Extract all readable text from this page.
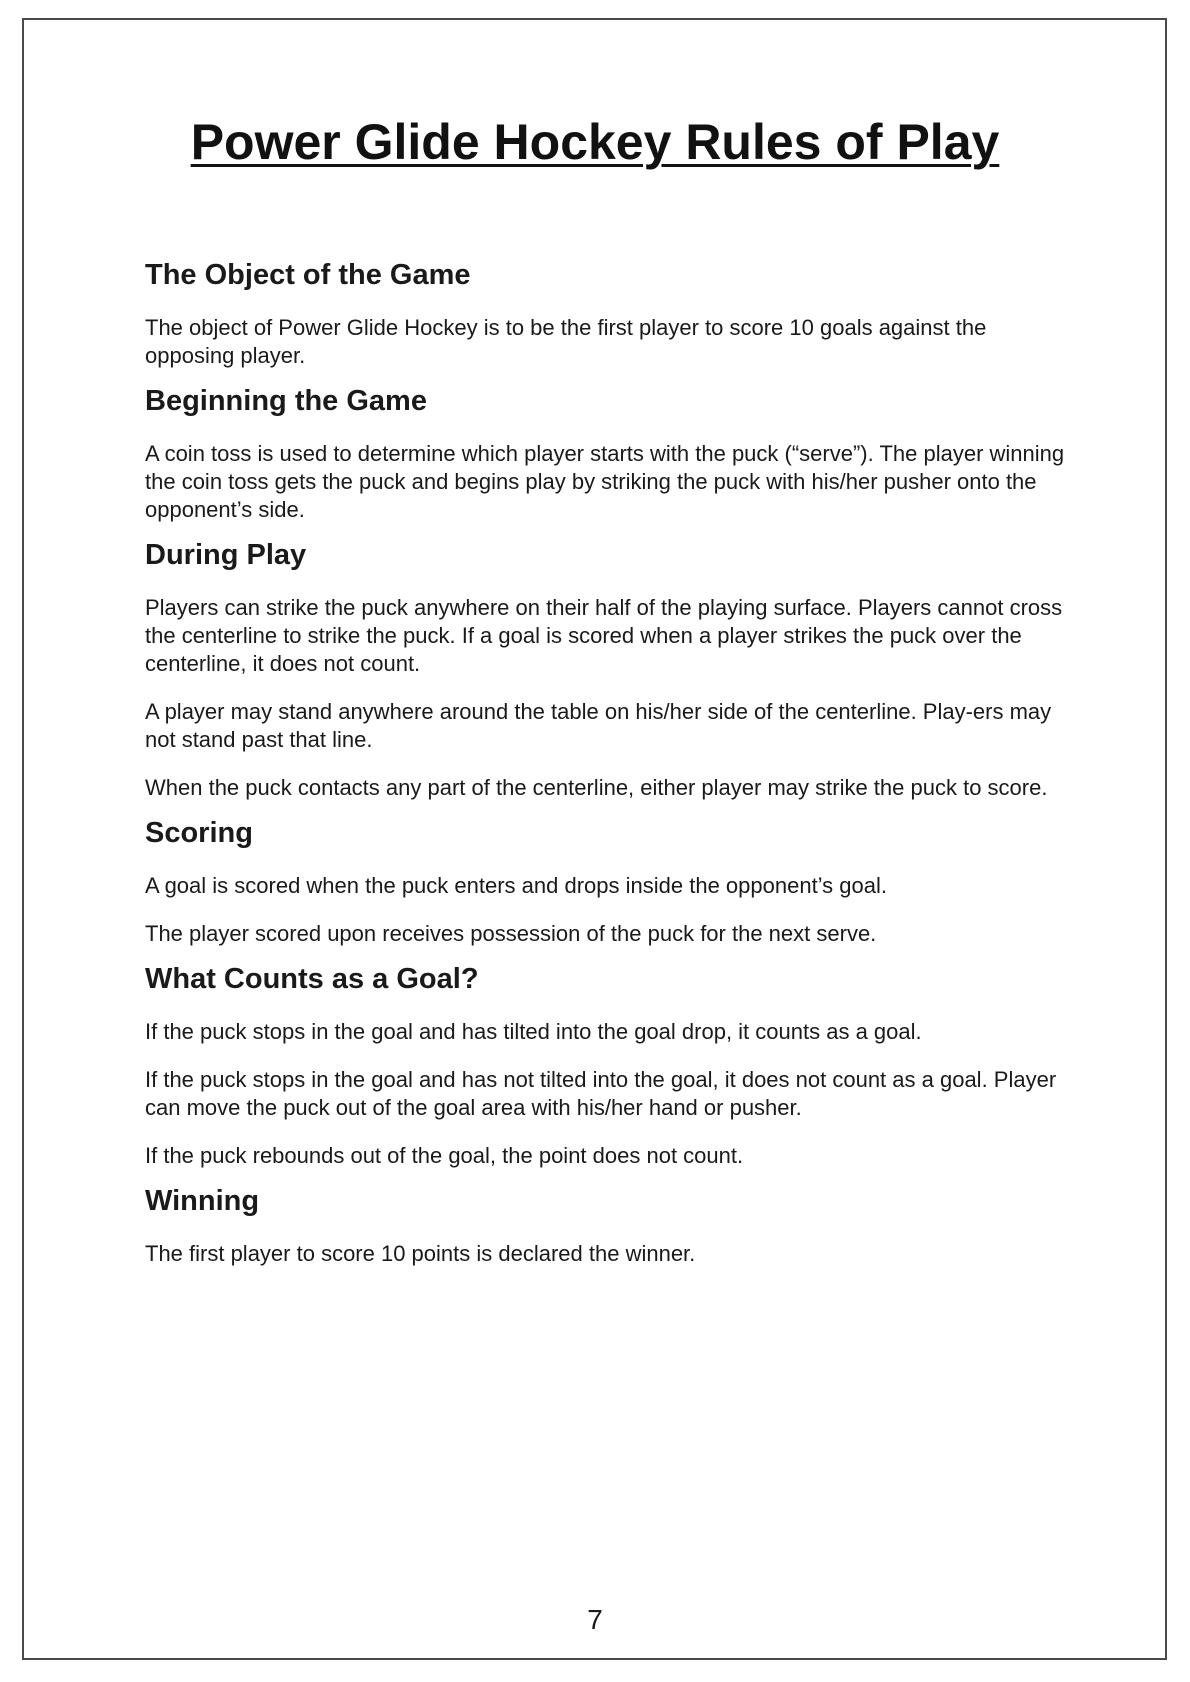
Power Glide Hockey Rules of Play
The Object of the Game

The object of Power Glide Hockey is to be the first player to score 10 goals against the opposing player.

Beginning the Game

A coin toss is used to determine which player starts with the puck (“serve”). The player winning the coin toss gets the puck and begins play by striking the puck with his/her pusher onto the opponent’s side.

During Play

Players can strike the puck anywhere on their half of the playing surface. Players cannot cross the centerline to strike the puck. If a goal is scored when a player strikes the puck over the centerline, it does not count.

A player may stand anywhere around the table on his/her side of the centerline. Play-ers may not stand past that line.

When the puck contacts any part of the centerline, either player may strike the puck to score.

Scoring

A goal is scored when the puck enters and drops inside the opponent’s goal.

The player scored upon receives possession of the puck for the next serve.

What Counts as a Goal?

If the puck stops in the goal and has tilted into the goal drop, it counts as a goal.

If the puck stops in the goal and has not tilted into the goal, it does not count as a goal. Player can move the puck out of the goal area with his/her hand or pusher.

If the puck rebounds out of the goal, the point does not count.

Winning

The first player to score 10 points is declared the winner.

7
